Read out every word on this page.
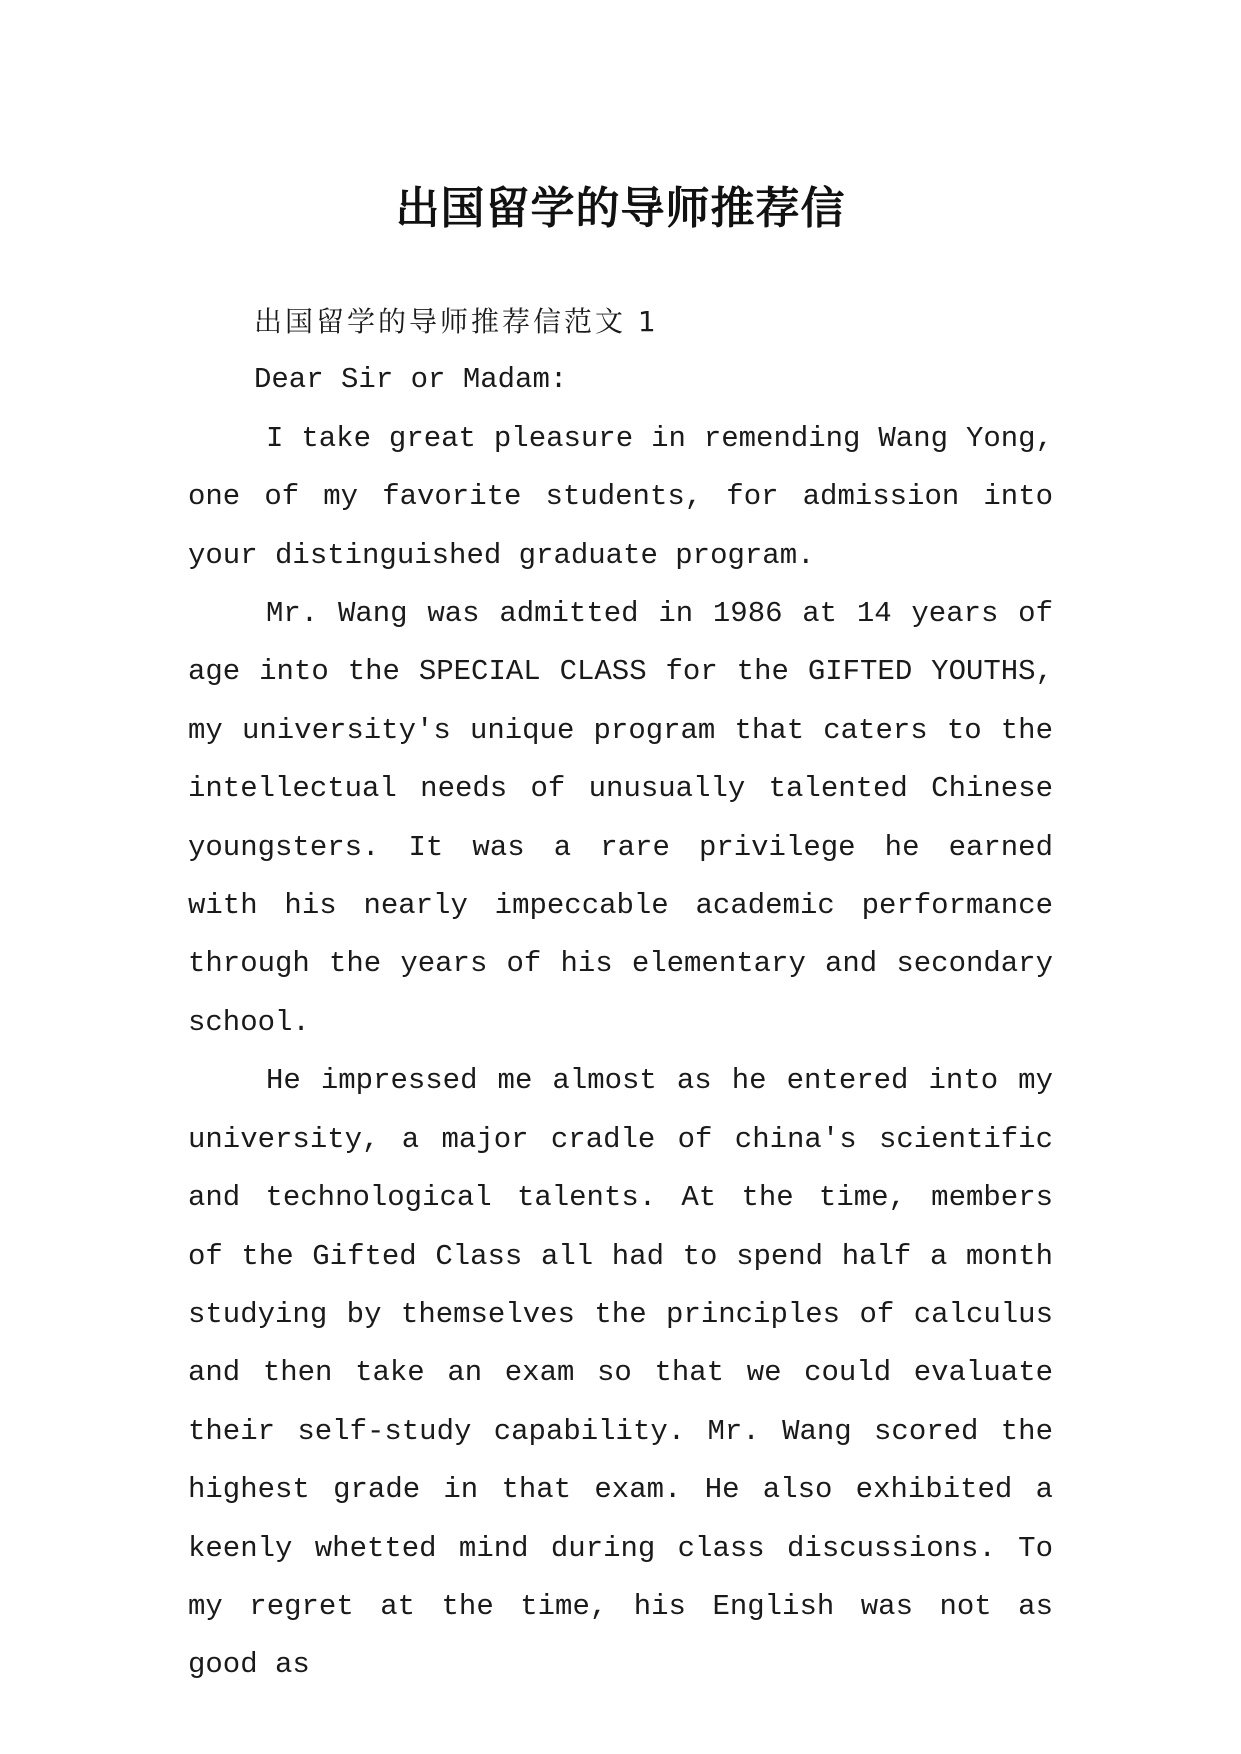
出国留学的导师推荐信

出国留学的导师推荐信范文 1

Dear Sir or Madam:

I take great pleasure in remending Wang Yong, one of my favorite students, for admission into your distinguished graduate program.

Mr. Wang was admitted in 1986 at 14 years of age into the SPECIAL CLASS for the GIFTED YOUTHS, my university's unique program that caters to the intellectual needs of unusually talented Chinese youngsters. It was a rare privilege he earned with his nearly impeccable academic performance through the years of his elementary and secondary school.

He impressed me almost as he entered into my university, a major cradle of china's scientific and technological talents. At the time, members of the Gifted Class all had to spend half a month studying by themselves the principles of calculus and then take an exam so that we could evaluate their self-study capability. Mr. Wang scored the highest grade in that exam. He also exhibited a keenly whetted mind during class discussions. To my regret at the time, his English was not as good as
